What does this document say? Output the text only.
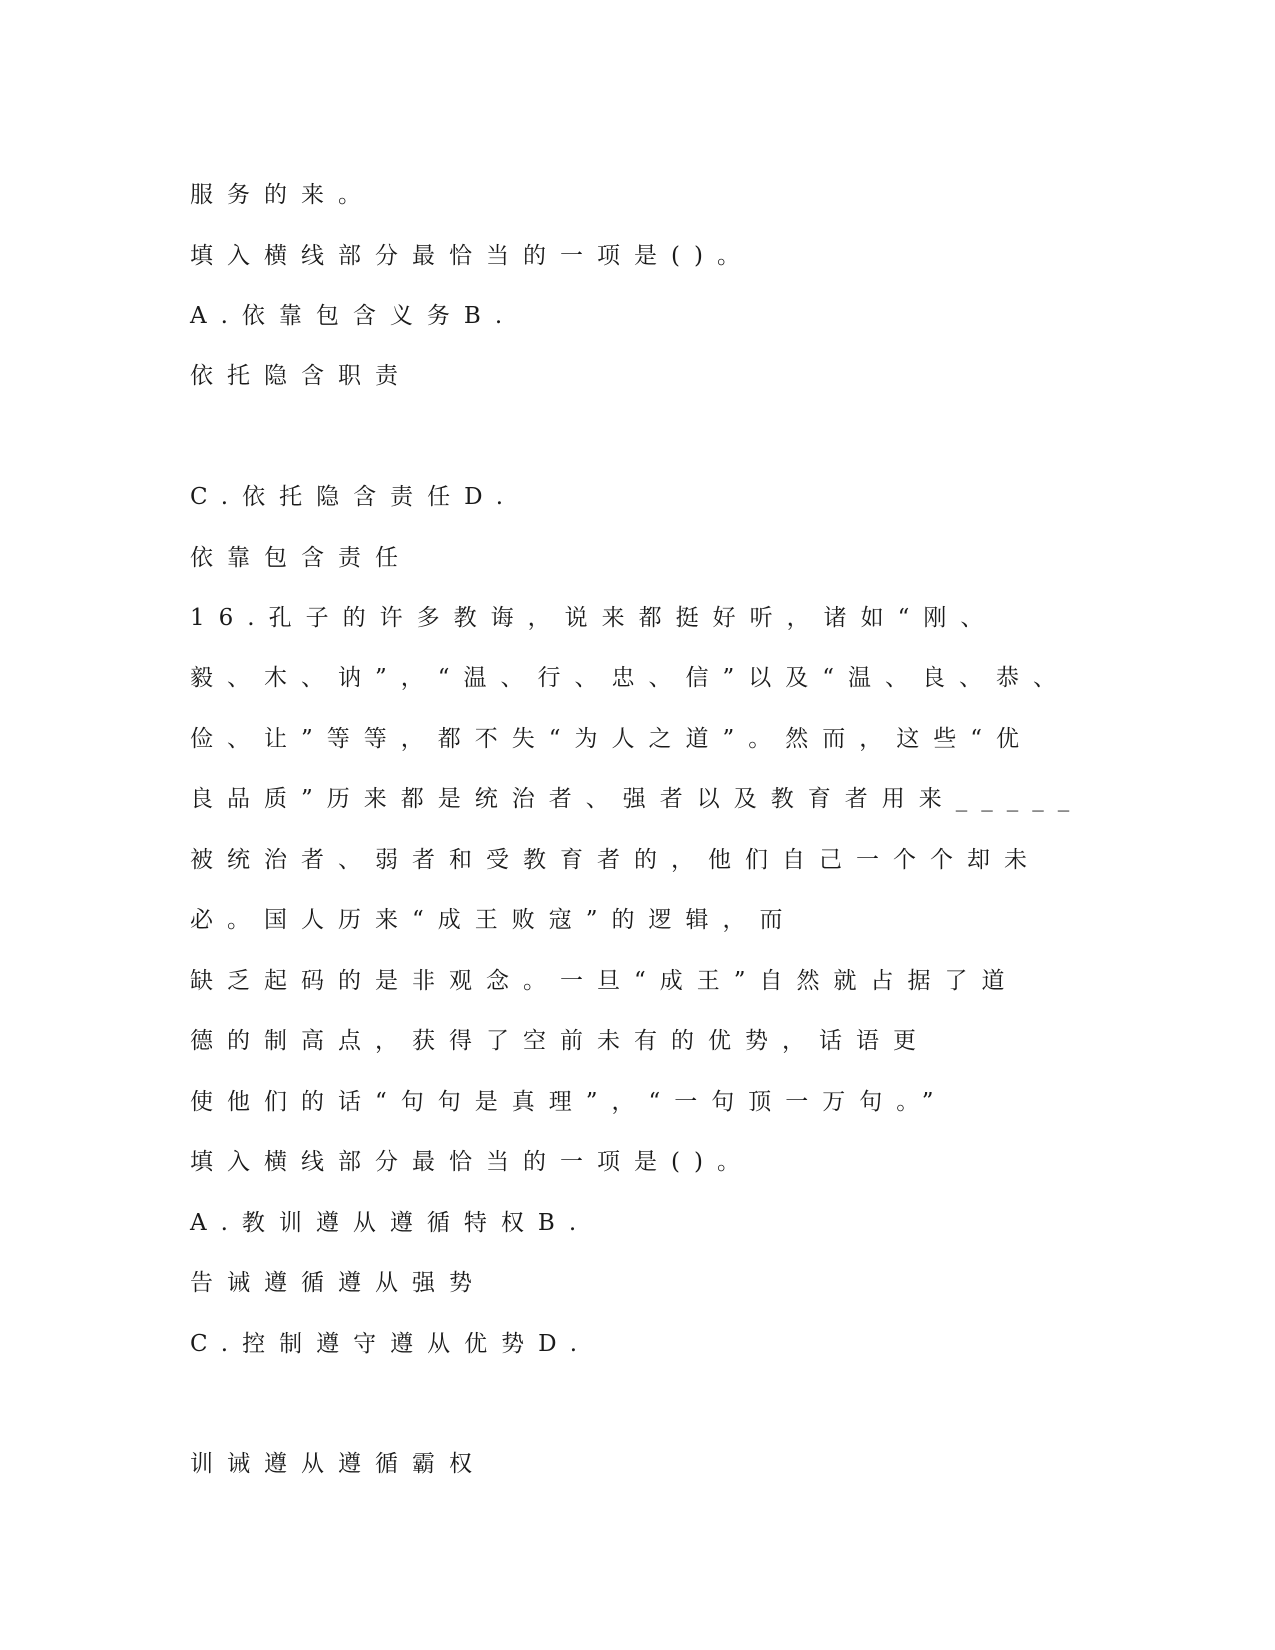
服务的来。
填入横线部分最恰当的一项是()。
A.依靠包含义务B.
依托隐含职责
C.依托隐含责任D.
依靠包含责任
16.孔子的许多教诲，说来都挺好听，诸如“刚、
毅、木、讷”，“温、行、忠、信”以及“温、良、恭、
俭、让”等等，都不失“为人之道”。然而，这些“优
良品质”历来都是统治者、强者以及教育者用来_____
被统治者、弱者和受教育者的，他们自己一个个却未
必。国人历来“成王败寇”的逻辑，而
缺乏起码的是非观念。一旦“成王”自然就占据了道
德的制高点，获得了空前未有的优势，话语更
使他们的话“句句是真理”，“一句顶一万句。”
填入横线部分最恰当的一项是()。
A.教训遵从遵循特权B.
告诫遵循遵从强势
C.控制遵守遵从优势D.
训诫遵从遵循霸权
